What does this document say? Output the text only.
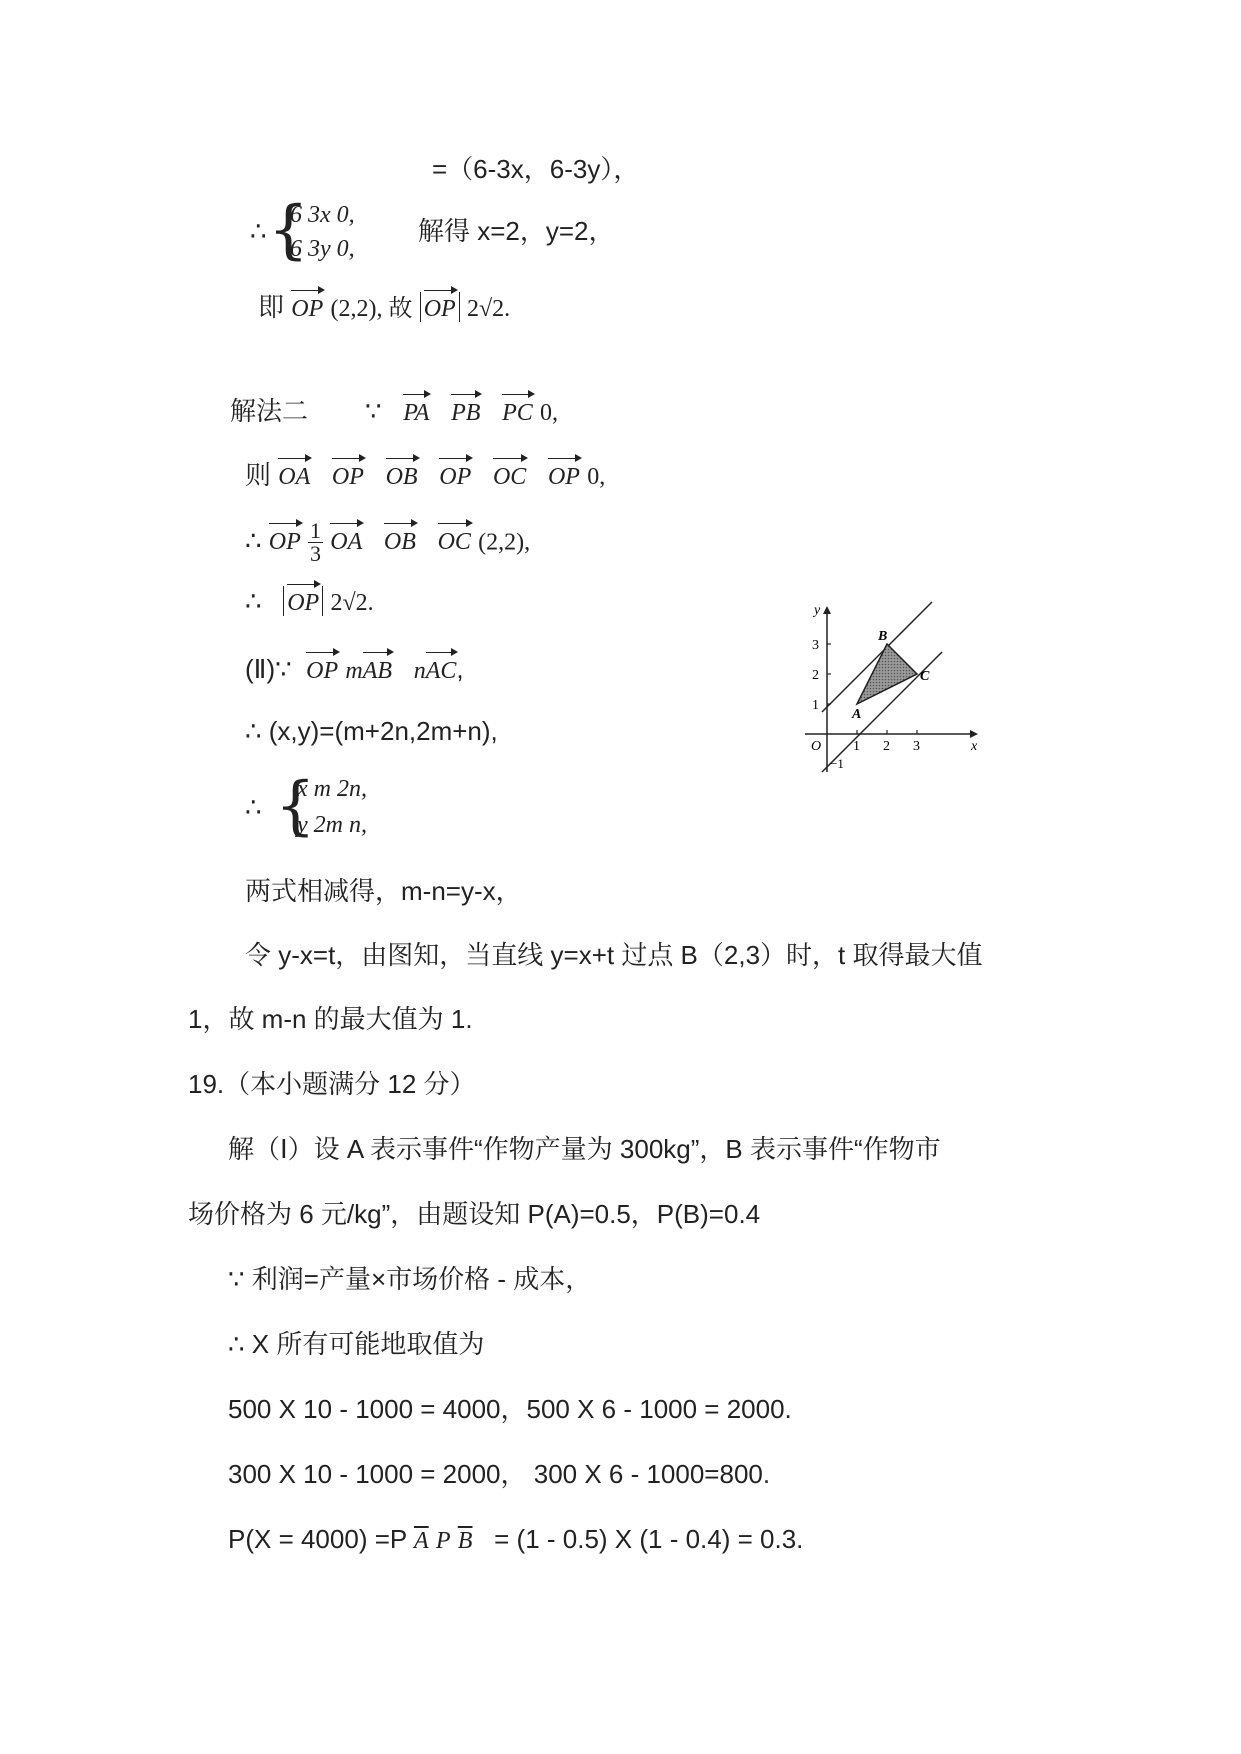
=（6-3x，6-3y），
∴ {
6 3x 0,
6 3y 0,
解得 x=2，y=2，
即 OP (2,2), 故 OP 2√2.
解法二 ∵ PA PB PC 0,
则 OA OP OB OP OC OP 0,
∴ OP $\frac{1}{3}$ OA OB OC (2,2),
∴ OP 2√2.
(Ⅱ)∵ OP mAB nAC,
∴ (x,y)=(m+2n,2m+n),
∴ {
x m 2n,
y 2m n,
两式相减得，m-n=y-x，
令 y-x=t，由图知，当直线 y=x+t 过点 B（2,3）时，t 取得最大值
1，故 m-n 的最大值为 1.
19.（本小题满分 12 分）
解（Ⅰ）设 A 表示事件“作物产量为 300kg”，B 表示事件“作物市
场价格为 6 元/kg”，由题设知 P(A)=0.5，P(B)=0.4
∵ 利润=产量×市场价格 - 成本，
∴ X 所有可能地取值为
500 X 10 - 1000 = 4000，500 X 6 - 1000 = 2000.
300 X 10 - 1000 = 2000， 300 X 6 - 1000=800.
P(X = 4000) =P $\overline{A}$ P $\overline{B} = (1 - 0.5)$ X (1 - 0.4) = 0.3.
y
x
O 1 2 3
1
2
3
−1
A
B
C
